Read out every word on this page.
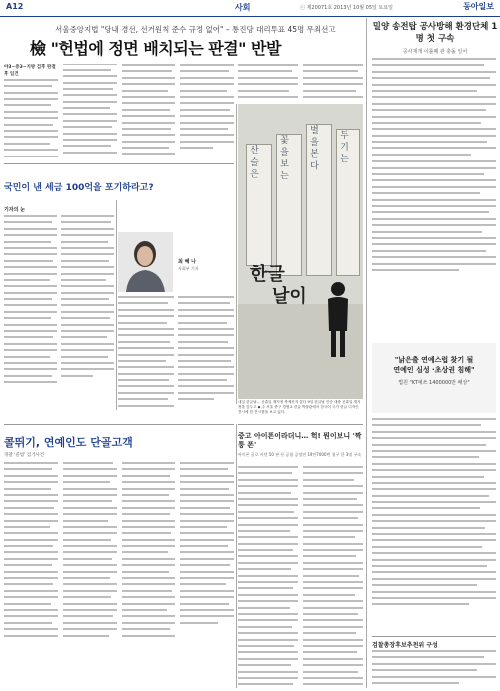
A12	사회	ⓒ 제20071호 2013년 10월 05일 토요일	동아일보
서울중앙지법 "당내 경선, 선거원칙 준수 규정 없어" – 통진당 대리투표 45명 무죄선고
檢 "헌법에 정면 배치되는 판결" 반발
밀양 송전탑 공사방해 환경단체 1명 첫 구속
공사재개 이틀째 관 충돌 일어
"낡은출 연예스럽 찾기 될
연예인 심성 ·초상권 침해"
법원 "KT예쓰 1400000만 배상"
검찰총장후보추천위 구성
야3~중3~지방 검후 판결후 입건
국민이 낸 세금 100억을 포기하라고?
기자의 눈
최 혜 나
사회부 기자
산 슬 은	꽃 을 보 는	별 을 본 다	두 기 는
한글
날이
내일 한글날… 공휴일 재지정 축제산지 꽃다 9일 한글날 인증 대중 공휴일 재지정을 앞두고 ◆ 주 서울 중구 경생교 한글 박물관에서 한국어 국가 한글 디자인 전시에 한 전시품을 보고 있다.
콜뛰기, 연예인도 단골고객
경찰 '콜범' 검거사건
중고 아이폰이라더니… 헉! 뭔이보니 '짝퉁 폰'
아이폰 굴로 사던 50 판 등 공립 공정연 19만7000번 청구 한 3명 구속
